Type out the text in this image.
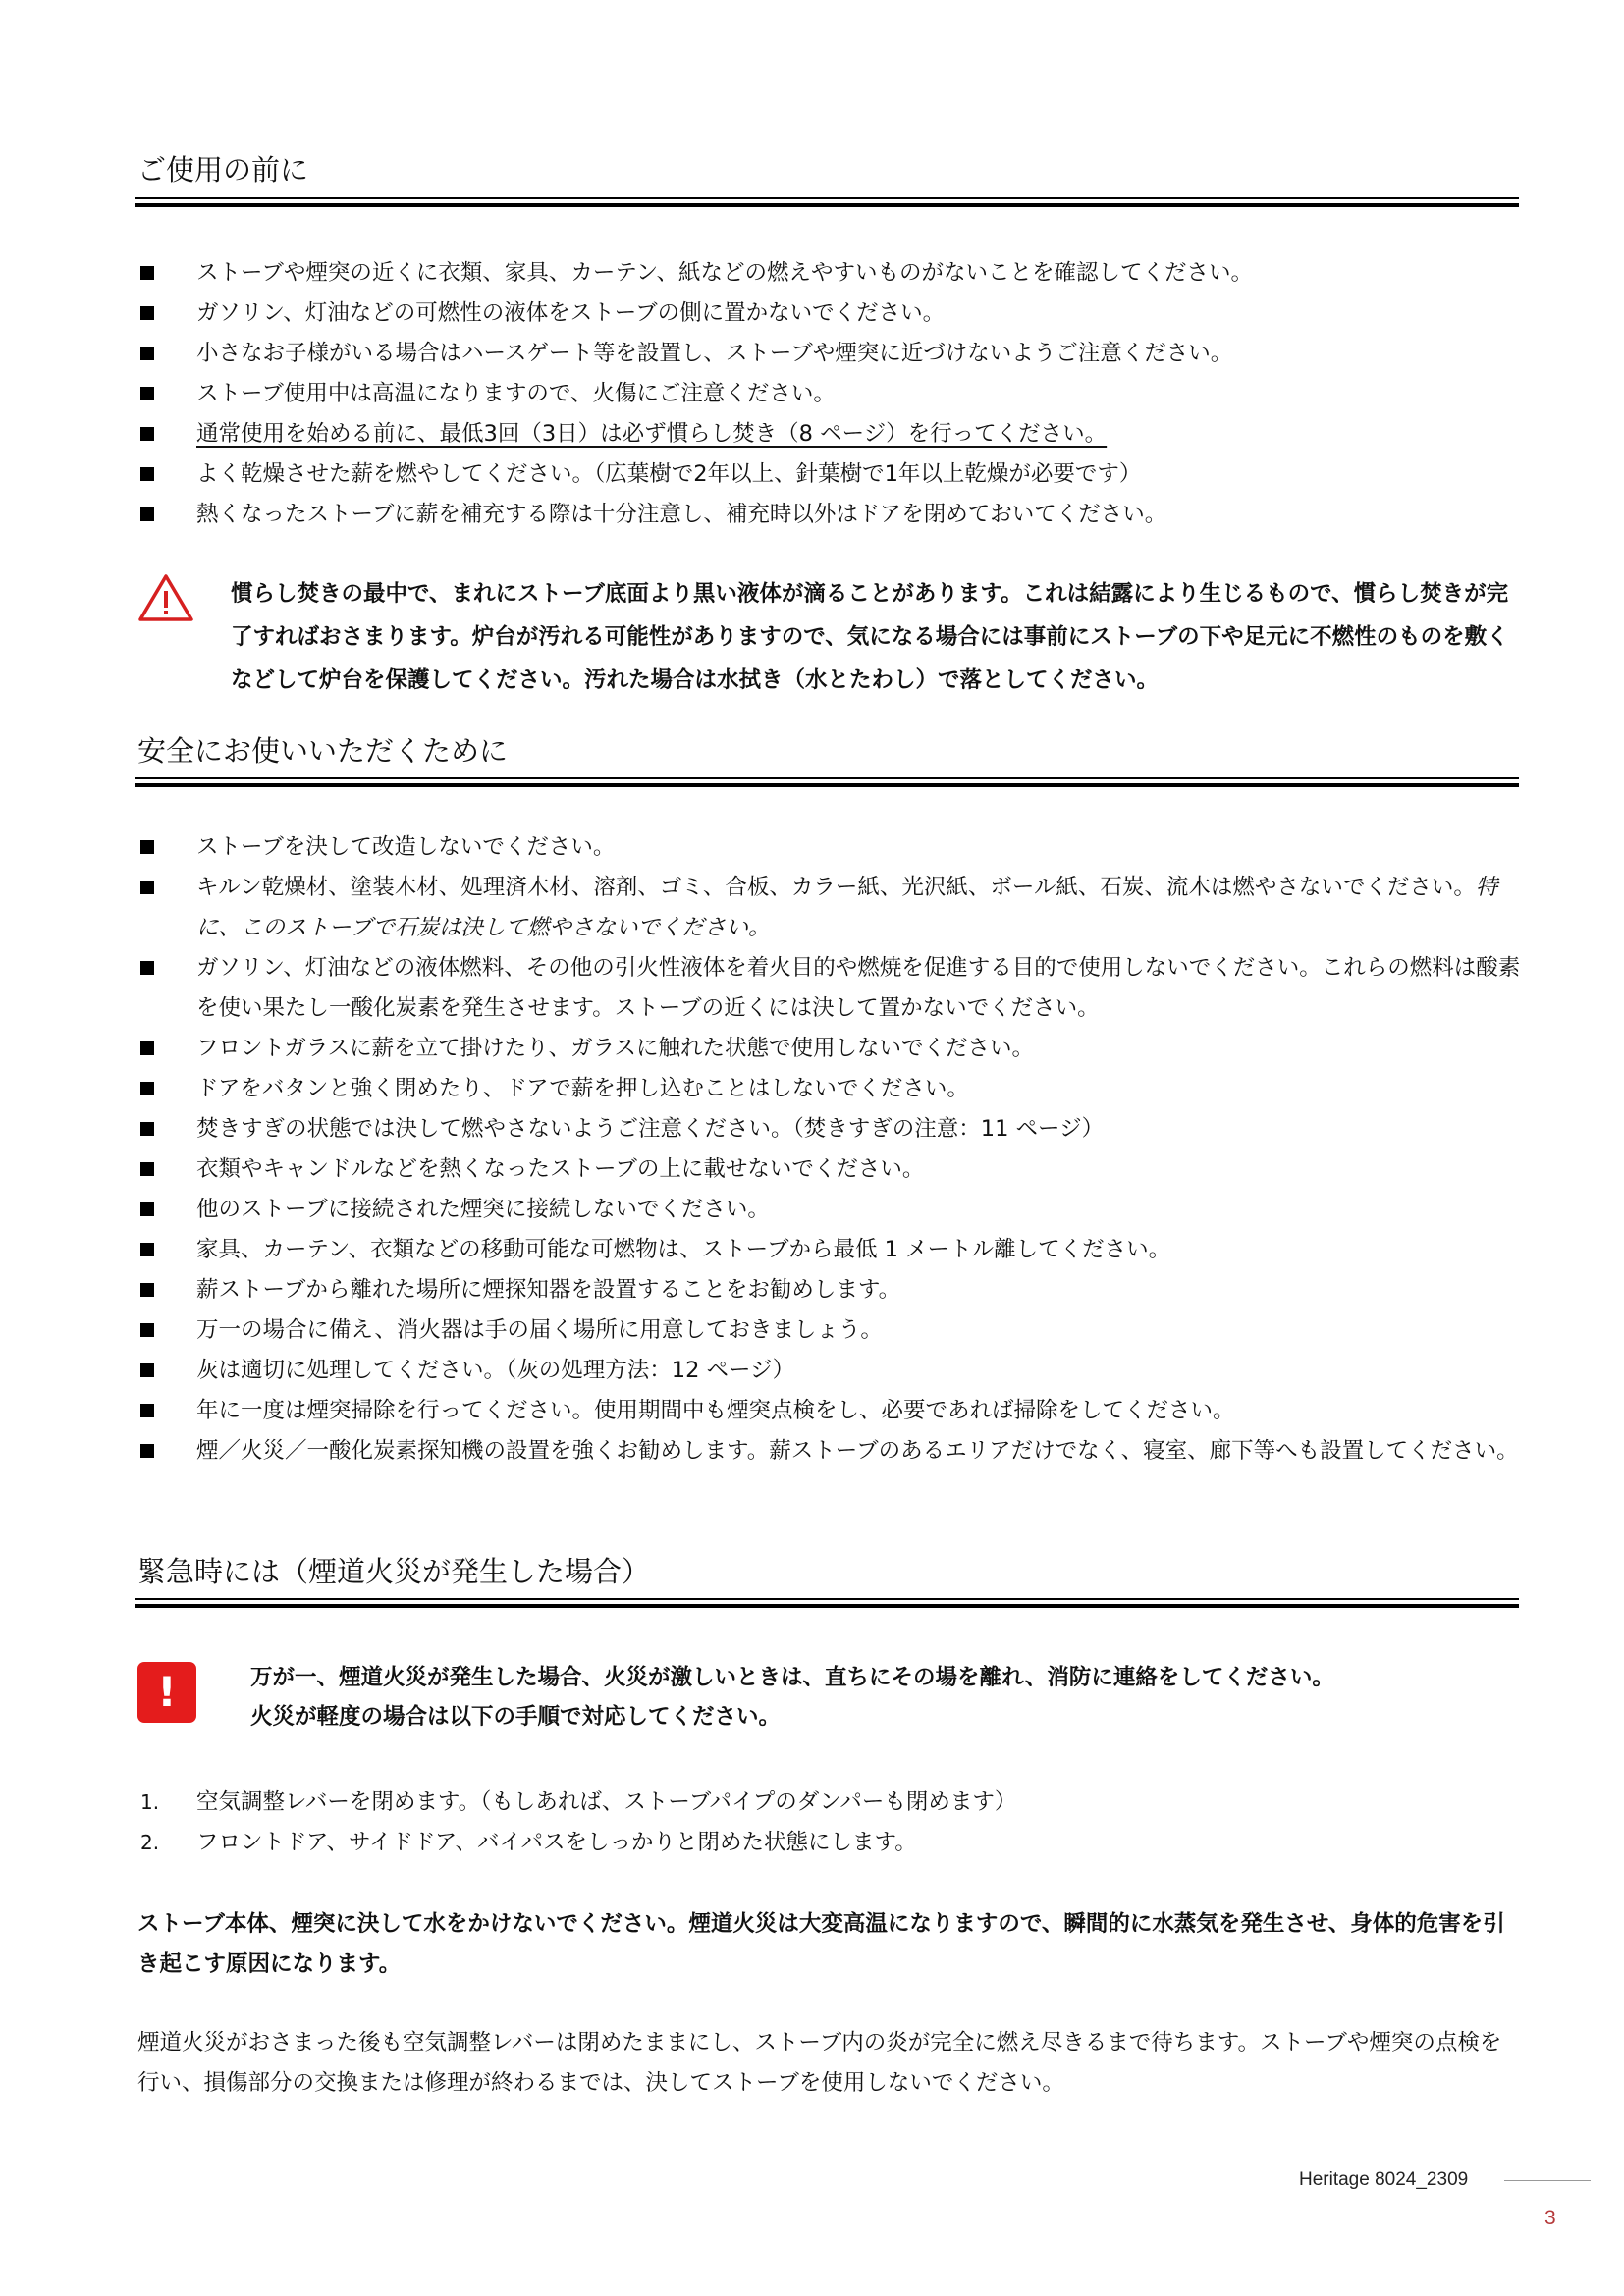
ご使用の前に
ストーブや煙突の近くに衣類、家具、カーテン、紙などの燃えやすいものがないことを確認してください。
ガソリン、灯油などの可燃性の液体をストーブの側に置かないでください。
小さなお子様がいる場合はハースゲート等を設置し、ストーブや煙突に近づけないようご注意ください。
ストーブ使用中は高温になりますので、火傷にご注意ください。
通常使用を始める前に、最低3回（3日）は必ず慣らし焚き（8 ページ）を行ってください。
よく乾燥させた薪を燃やしてください。（広葉樹で2年以上、針葉樹で1年以上乾燥が必要です）
熱くなったストーブに薪を補充する際は十分注意し、補充時以外はドアを閉めておいてください。
慣らし焚きの最中で、まれにストーブ底面より黒い液体が滴ることがあります。これは結露により生じるもので、慣らし焚きが完了すればおさまります。炉台が汚れる可能性がありますので、気になる場合には事前にストーブの下や足元に不燃性のものを敷くなどして炉台を保護してください。汚れた場合は水拭き（水とたわし）で落としてください。
安全にお使いいただくために
ストーブを決して改造しないでください。
キルン乾燥材、塗装木材、処理済木材、溶剤、ゴミ、合板、カラー紙、光沢紙、ボール紙、石炭、流木は燃やさないでください。特に、このストーブで石炭は決して燃やさないでください。
ガソリン、灯油などの液体燃料、その他の引火性液体を着火目的や燃焼を促進する目的で使用しないでください。これらの燃料は酸素を使い果たし一酸化炭素を発生させます。ストーブの近くには決して置かないでください。
フロントガラスに薪を立て掛けたり、ガラスに触れた状態で使用しないでください。
ドアをバタンと強く閉めたり、ドアで薪を押し込むことはしないでください。
焚きすぎの状態では決して燃やさないようご注意ください。（焚きすぎの注意：11 ページ）
衣類やキャンドルなどを熱くなったストーブの上に載せないでください。
他のストーブに接続された煙突に接続しないでください。
家具、カーテン、衣類などの移動可能な可燃物は、ストーブから最低 1 メートル離してください。
薪ストーブから離れた場所に煙探知器を設置することをお勧めします。
万一の場合に備え、消火器は手の届く場所に用意しておきましょう。
灰は適切に処理してください。（灰の処理方法：12 ページ）
年に一度は煙突掃除を行ってください。使用期間中も煙突点検をし、必要であれば掃除をしてください。
煙／火災／一酸化炭素探知機の設置を強くお勧めします。薪ストーブのあるエリアだけでなく、寝室、廊下等へも設置してください。
緊急時には（煙道火災が発生した場合）
!	万が一、煙道火災が発生した場合、火災が激しいときは、直ちにその場を離れ、消防に連絡をしてください。
火災が軽度の場合は以下の手順で対応してください。
1. 空気調整レバーを閉めます。（もしあれば、ストーブパイプのダンパーも閉めます）
2. フロントドア、サイドドア、バイパスをしっかりと閉めた状態にします。
ストーブ本体、煙突に決して水をかけないでください。煙道火災は大変高温になりますので、瞬間的に水蒸気を発生させ、身体的危害を引き起こす原因になります。
煙道火災がおさまった後も空気調整レバーは閉めたままにし、ストーブ内の炎が完全に燃え尽きるまで待ちます。ストーブや煙突の点検を行い、損傷部分の交換または修理が終わるまでは、決してストーブを使用しないでください。
Heritage 8024_2309
3
